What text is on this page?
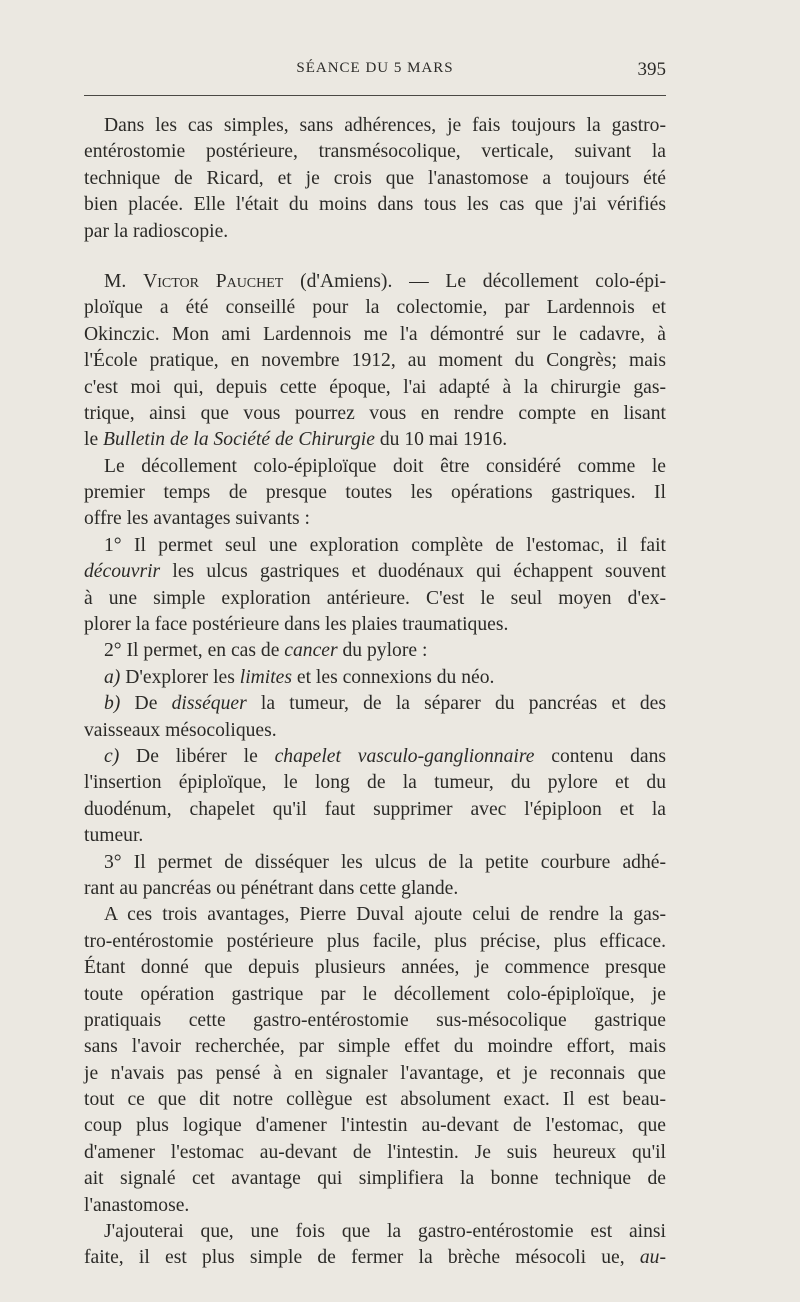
SÉANCE DU 5 MARS	395
Dans les cas simples, sans adhérences, je fais toujours la gastro-
entérostomie postérieure, transmésocolique, verticale, suivant la
technique de Ricard, et je crois que l'anastomose a toujours été
bien placée. Elle l'était du moins dans tous les cas que j'ai vérifiés
par la radioscopie.
M. Victor Pauchet (d'Amiens). — Le décollement colo-épi-
ploïque a été conseillé pour la colectomie, par Lardennois et
Okinczic. Mon ami Lardennois me l'a démontré sur le cadavre, à
l'École pratique, en novembre 1912, au moment du Congrès; mais
c'est moi qui, depuis cette époque, l'ai adapté à la chirurgie gas-
trique, ainsi que vous pourrez vous en rendre compte en lisant
le Bulletin de la Société de Chirurgie du 10 mai 1916.
Le décollement colo-épiploïque doit être considéré comme le
premier temps de presque toutes les opérations gastriques. Il
offre les avantages suivants :
1° Il permet seul une exploration complète de l'estomac, il fait
découvrir les ulcus gastriques et duodénaux qui échappent souvent
à une simple exploration antérieure. C'est le seul moyen d'ex-
plorer la face postérieure dans les plaies traumatiques.
2° Il permet, en cas de cancer du pylore :
a) D'explorer les limites et les connexions du néo.
b) De disséquer la tumeur, de la séparer du pancréas et des
vaisseaux mésocoliques.
c) De libérer le chapelet vasculo-ganglionnaire contenu dans
l'insertion épiploïque, le long de la tumeur, du pylore et du
duodénum, chapelet qu'il faut supprimer avec l'épiploon et la
tumeur.
3° Il permet de disséquer les ulcus de la petite courbure adhé-
rant au pancréas ou pénétrant dans cette glande.
A ces trois avantages, Pierre Duval ajoute celui de rendre la gas-
tro-entérostomie postérieure plus facile, plus précise, plus efficace.
Étant donné que depuis plusieurs années, je commence presque
toute opération gastrique par le décollement colo-épiploïque, je
pratiquais cette gastro-entérostomie sus-mésocolique gastrique
sans l'avoir recherchée, par simple effet du moindre effort, mais
je n'avais pas pensé à en signaler l'avantage, et je reconnais que
tout ce que dit notre collègue est absolument exact. Il est beau-
coup plus logique d'amener l'intestin au-devant de l'estomac, que
d'amener l'estomac au-devant de l'intestin. Je suis heureux qu'il
ait signalé cet avantage qui simplifiera la bonne technique de
l'anastomose.
J'ajouterai que, une fois que la gastro-entérostomie est ainsi
faite, il est plus simple de fermer la brèche mésocoli ue, au-
